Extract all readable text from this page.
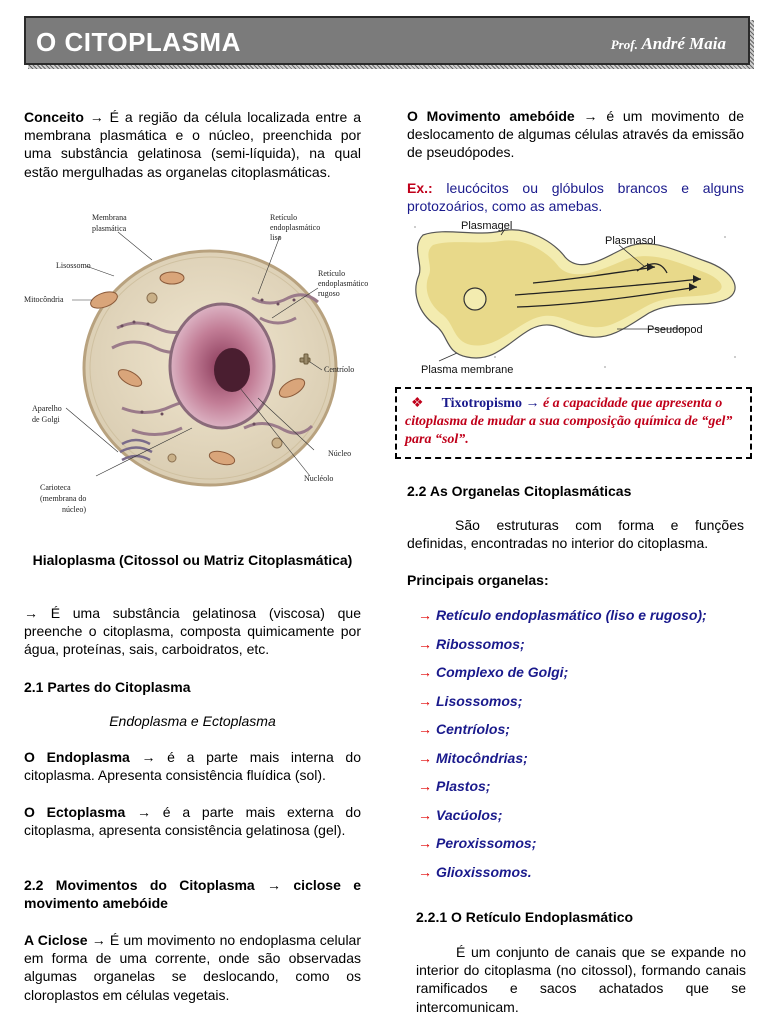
O CITOPLASMA	Prof. André Maia

Conceito → É a região da célula localizada entre a membrana plasmática e o núcleo, preenchida por uma substância gelatinosa (semi-líquida), na qual estão mergulhadas as organelas citoplasmáticas.

Membrana
plasmática
Lisossomo
Mitocôndria
Aparelho
de Golgi
Carioteca
(membrana do
núcleo)
Retículo
endoplasmático
liso
Retículo
endoplasmático
rugoso
Centríolo
Núcleo
Nucléolo

Hialoplasma (Citossol ou Matriz Citoplasmática)

→ É uma substância gelatinosa (viscosa) que preenche o citoplasma, composta quimicamente por água, proteínas, sais, carboidratos, etc.

2.1 Partes do Citoplasma

Endoplasma e Ectoplasma

O Endoplasma → é a parte mais interna do citoplasma. Apresenta consistência fluídica (sol).

O Ectoplasma → é a parte mais externa do citoplasma, apresenta consistência gelatinosa (gel).

2.2 Movimentos do Citoplasma → ciclose e movimento amebóide

A Ciclose → É um movimento no endoplasma celular em forma de uma corrente, onde são observadas algumas organelas se deslocando, como os cloroplastos em células vegetais.

O Movimento amebóide → é um movimento de deslocamento de algumas células através da emissão de pseudópodes.

Ex.: leucócitos ou glóbulos brancos e alguns protozoários, como as amebas.

Plasmagel
Plasmasol
Pseudopod
Plasma membrane
❖ Tixotropismo → é a capacidade que apresenta o citoplasma de mudar a sua composição química de “gel” para “sol”.

2.2 As Organelas Citoplasmáticas

São estruturas com forma e funções definidas, encontradas no interior do citoplasma.

Principais organelas:

→ Retículo endoplasmático (liso e rugoso);
→ Ribossomos;
→ Complexo de Golgi;
→ Lisossomos;
→ Centríolos;
→ Mitocôndrias;
→ Plastos;
→ Vacúolos;
→ Peroxissomos;
→ Glioxissomos.

2.2.1 O Retículo Endoplasmático

É um conjunto de canais que se expande no interior do citoplasma (no citossol), formando canais ramificados e sacos achatados que se intercomunicam.
